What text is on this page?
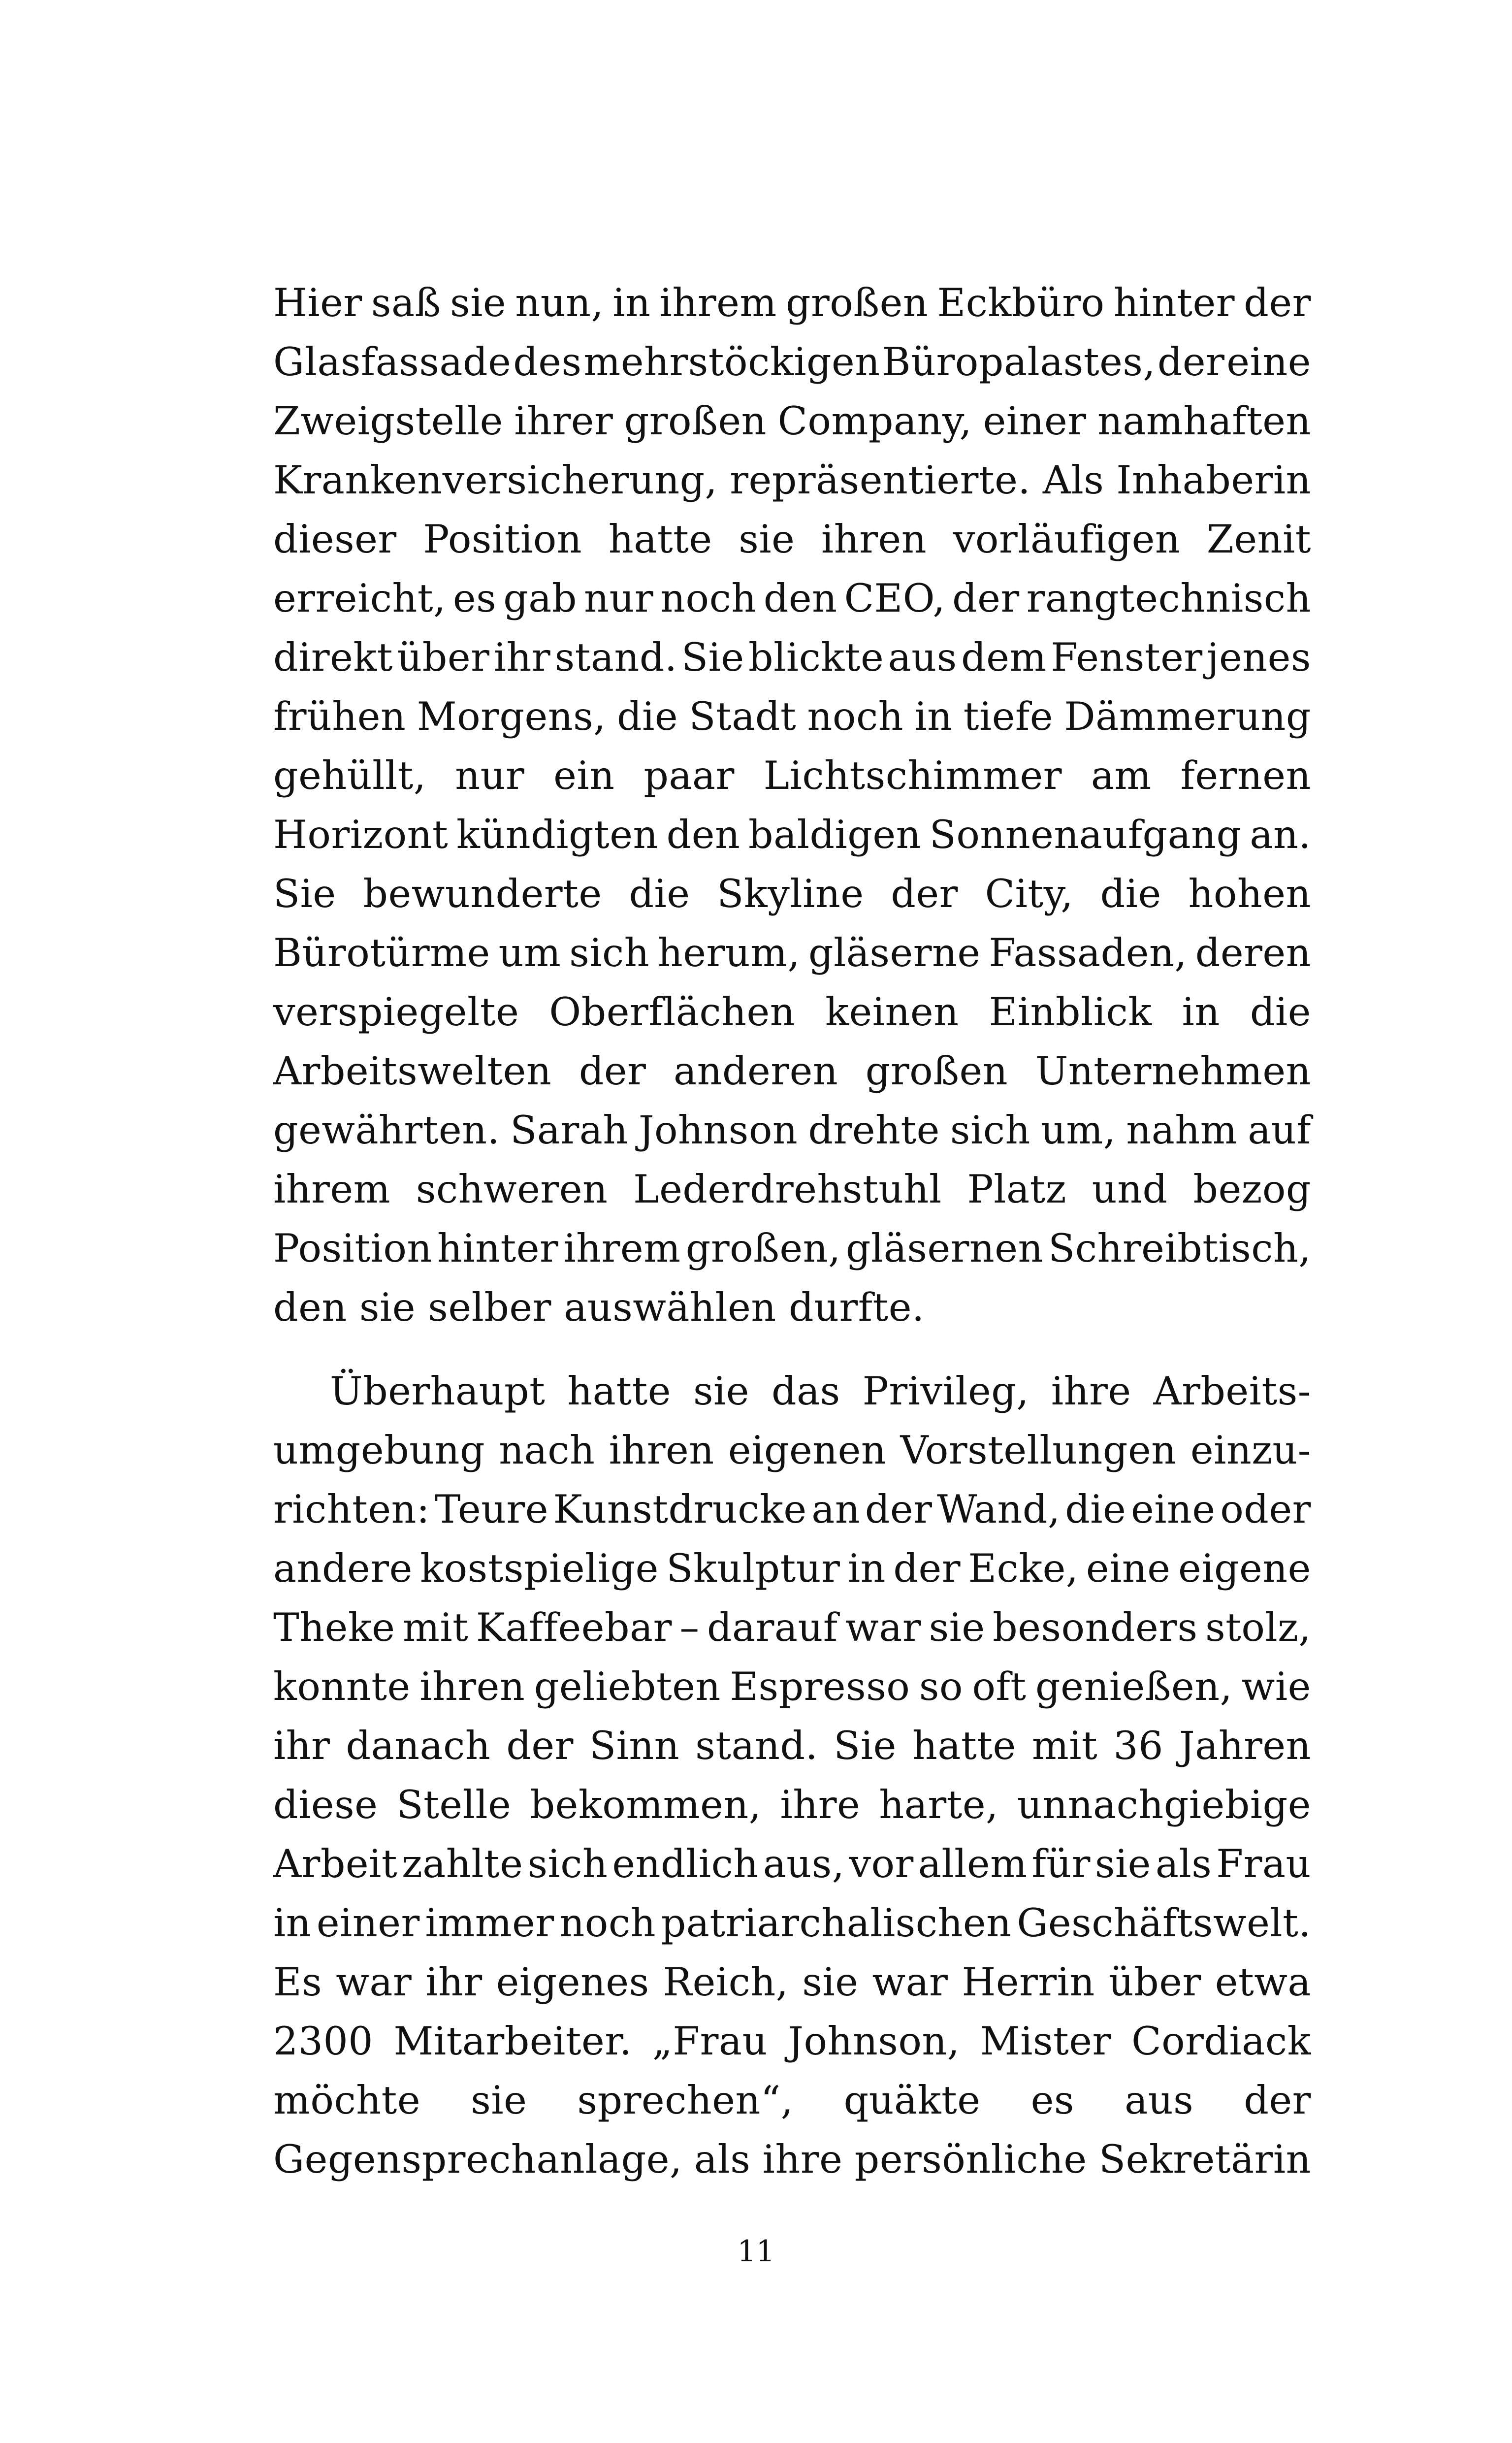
Hier saß sie nun, in ihrem großen Eckbüro hinter der
Glasfassade des mehrstöckigen Büropalastes, der eine
Zweigstelle ihrer großen Company, einer namhaften
Krankenversicherung, repräsentierte. Als Inhaberin
dieser Position hatte sie ihren vorläufigen Zenit
erreicht, es gab nur noch den CEO, der rangtechnisch
direkt über ihr stand. Sie blickte aus dem Fenster jenes
frühen Morgens, die Stadt noch in tiefe Dämmerung
gehüllt, nur ein paar Lichtschimmer am fernen
Horizont kündigten den baldigen Sonnenaufgang an.
Sie bewunderte die Skyline der City, die hohen
Bürotürme um sich herum, gläserne Fassaden, deren
verspiegelte Oberflächen keinen Einblick in die
Arbeitswelten der anderen großen Unternehmen
gewährten. Sarah Johnson drehte sich um, nahm auf
ihrem schweren Lederdrehstuhl Platz und bezog
Position hinter ihrem großen, gläsernen Schreibtisch,
den sie selber auswählen durfte.
Überhaupt hatte sie das Privileg, ihre Arbeits-
umgebung nach ihren eigenen Vorstellungen einzu-
richten: Teure Kunstdrucke an der Wand, die eine oder
andere kostspielige Skulptur in der Ecke, eine eigene
Theke mit Kaffeebar – darauf war sie besonders stolz,
konnte ihren geliebten Espresso so oft genießen, wie
ihr danach der Sinn stand. Sie hatte mit 36 Jahren
diese Stelle bekommen, ihre harte, unnachgiebige
Arbeit zahlte sich endlich aus, vor allem für sie als Frau
in einer immer noch patriarchalischen Geschäftswelt.
Es war ihr eigenes Reich, sie war Herrin über etwa
2300 Mitarbeiter. „Frau Johnson, Mister Cordiack
möchte sie sprechen“, quäkte es aus der
Gegensprechanlage, als ihre persönliche Sekretärin
11
